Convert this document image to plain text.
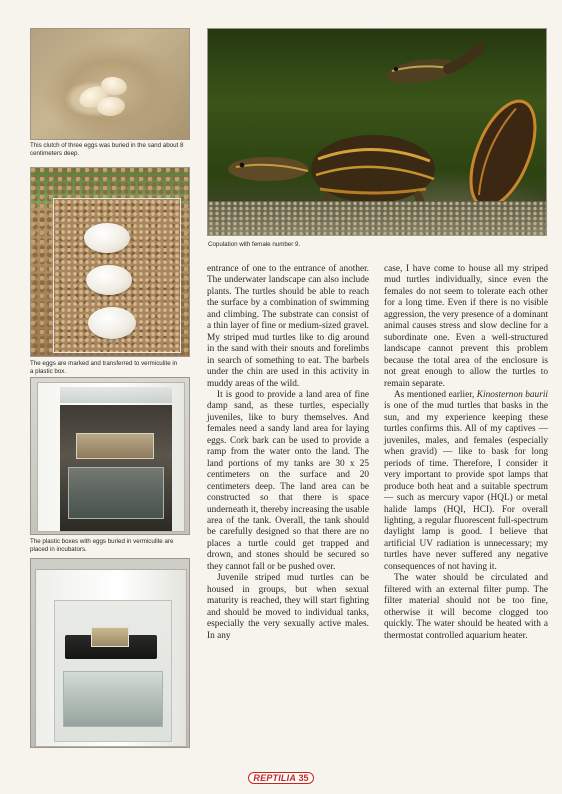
This clutch of three eggs was buried in the sand about 8 centimeters deep.
The eggs are marked and transferred to vermiculite in a plastic box.
The plastic boxes with eggs buried in vermiculite are placed in incubators.
Copulation with female number 9.

entrance of one to the entrance of another. The underwater landscape can also include plants. The turtles should be able to reach the surface by a combination of swimming and climbing. The substrate can consist of a thin layer of fine or medium-sized gravel. My striped mud turtles like to dig around in the sand with their snouts and forelimbs in search of something to eat. The barbels under the chin are used in this activity in muddy areas of the wild.

It is good to provide a land area of fine damp sand, as these turtles, especially juveniles, like to bury themselves. And females need a sandy land area for laying eggs. Cork bark can be used to provide a ramp from the water onto the land. The land portions of my tanks are 30 x 25 centimeters on the surface and 20 centimeters deep. The land area can be constructed so that there is space underneath it, thereby increasing the usable area of the tank. Overall, the tank should be carefully designed so that there are no places a turtle could get trapped and drown, and stones should be secured so they cannot fall or be pushed over.

Juvenile striped mud turtles can be housed in groups, but when sexual maturity is reached, they will start fighting and should be moved to individual tanks, especially the very sexually active males. In any

case, I have come to house all my striped mud turtles individually, since even the females do not seem to tolerate each other for a long time. Even if there is no visible aggression, the very presence of a dominant animal causes stress and slow decline for a subordinate one. Even a well-structured landscape cannot prevent this problem because the total area of the enclosure is not great enough to allow the turtles to remain separate.

As mentioned earlier, Kinosternon baurii is one of the mud turtles that basks in the sun, and my experience keeping these turtles confirms this. All of my captives — juveniles, males, and females (especially when gravid) — like to bask for long periods of time. Therefore, I consider it very important to provide spot lamps that produce both heat and a suitable spectrum — such as mercury vapor (HQL) or metal halide lamps (HQI, HCI). For overall lighting, a regular fluorescent full-spectrum daylight lamp is good. I believe that artificial UV radiation is unnecessary; my turtles have never suffered any negative consequences of not having it.

The water should be circulated and filtered with an external filter pump. The filter material should not be too fine, otherwise it will become clogged too quickly. The water should be heated with a thermostat controlled aquarium heater.

REPTILIA 35
